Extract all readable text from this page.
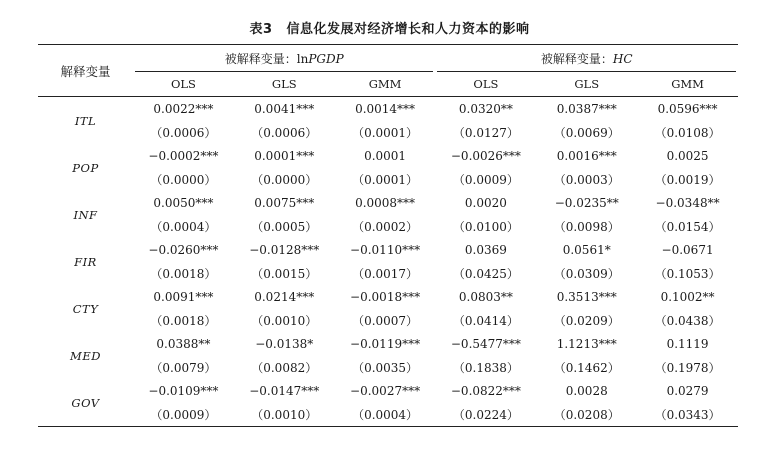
表3 信息化发展对经济增长和人力资本的影响
解释变量	被解释变量：lnPGDP			被解释变量：HC		
	OLS	GLS	GMM	OLS	GLS	GMM
ITL	0.0022***	0.0041***	0.0014***	0.0320**	0.0387***	0.0596***
	（0.0006）	（0.0006）	（0.0001）	（0.0127）	（0.0069）	（0.0108）
POP	−0.0002***	0.0001***	0.0001	−0.0026***	0.0016***	0.0025
	（0.0000）	（0.0000）	（0.0001）	（0.0009）	（0.0003）	（0.0019）
INF	0.0050***	0.0075***	0.0008***	0.0020	−0.0235**	−0.0348**
	（0.0004）	（0.0005）	（0.0002）	（0.0100）	（0.0098）	（0.0154）
FIR	−0.0260***	−0.0128***	−0.0110***	0.0369	0.0561*	−0.0671
	（0.0018）	（0.0015）	（0.0017）	（0.0425）	（0.0309）	（0.1053）
CTY	0.0091***	0.0214***	−0.0018***	0.0803**	0.3513***	0.1002**
	（0.0018）	（0.0010）	（0.0007）	（0.0414）	（0.0209）	（0.0438）
MED	0.0388**	−0.0138*	−0.0119***	−0.5477***	1.1213***	0.1119
	（0.0079）	（0.0082）	（0.0035）	（0.1838）	（0.1462）	（0.1978）
GOV	−0.0109***	−0.0147***	−0.0027***	−0.0822***	0.0028	0.0279
	（0.0009）	（0.0010）	（0.0004）	（0.0224）	（0.0208）	（0.0343）
